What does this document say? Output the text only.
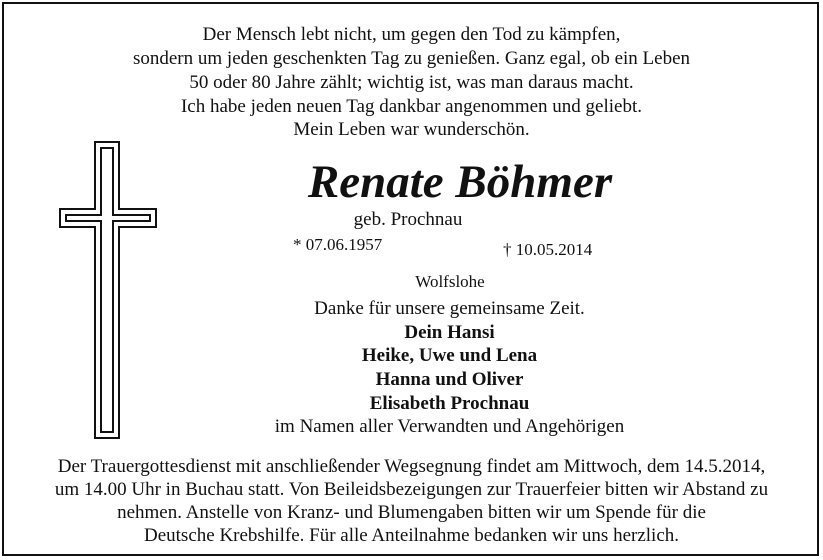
Der Mensch lebt nicht, um gegen den Tod zu kämpfen,
sondern um jeden geschenkten Tag zu genießen. Ganz egal, ob ein Leben
50 oder 80 Jahre zählt; wichtig ist, was man daraus macht.
Ich habe jeden neuen Tag dankbar angenommen und geliebt.
Mein Leben war wunderschön.
Renate Böhmer
geb. Prochnau
* 07.06.1957	† 10.05.2014
Wolfslohe
Danke für unsere gemeinsame Zeit.
Dein Hansi
Heike, Uwe und Lena
Hanna und Oliver
Elisabeth Prochnau
im Namen aller Verwandten und Angehörigen
Der Trauergottesdienst mit anschließender Wegsegnung findet am Mittwoch, dem 14.5.2014,
um 14.00 Uhr in Buchau statt. Von Beileidsbezeigungen zur Trauerfeier bitten wir Abstand zu
nehmen. Anstelle von Kranz- und Blumengaben bitten wir um Spende für die
Deutsche Krebshilfe. Für alle Anteilnahme bedanken wir uns herzlich.
